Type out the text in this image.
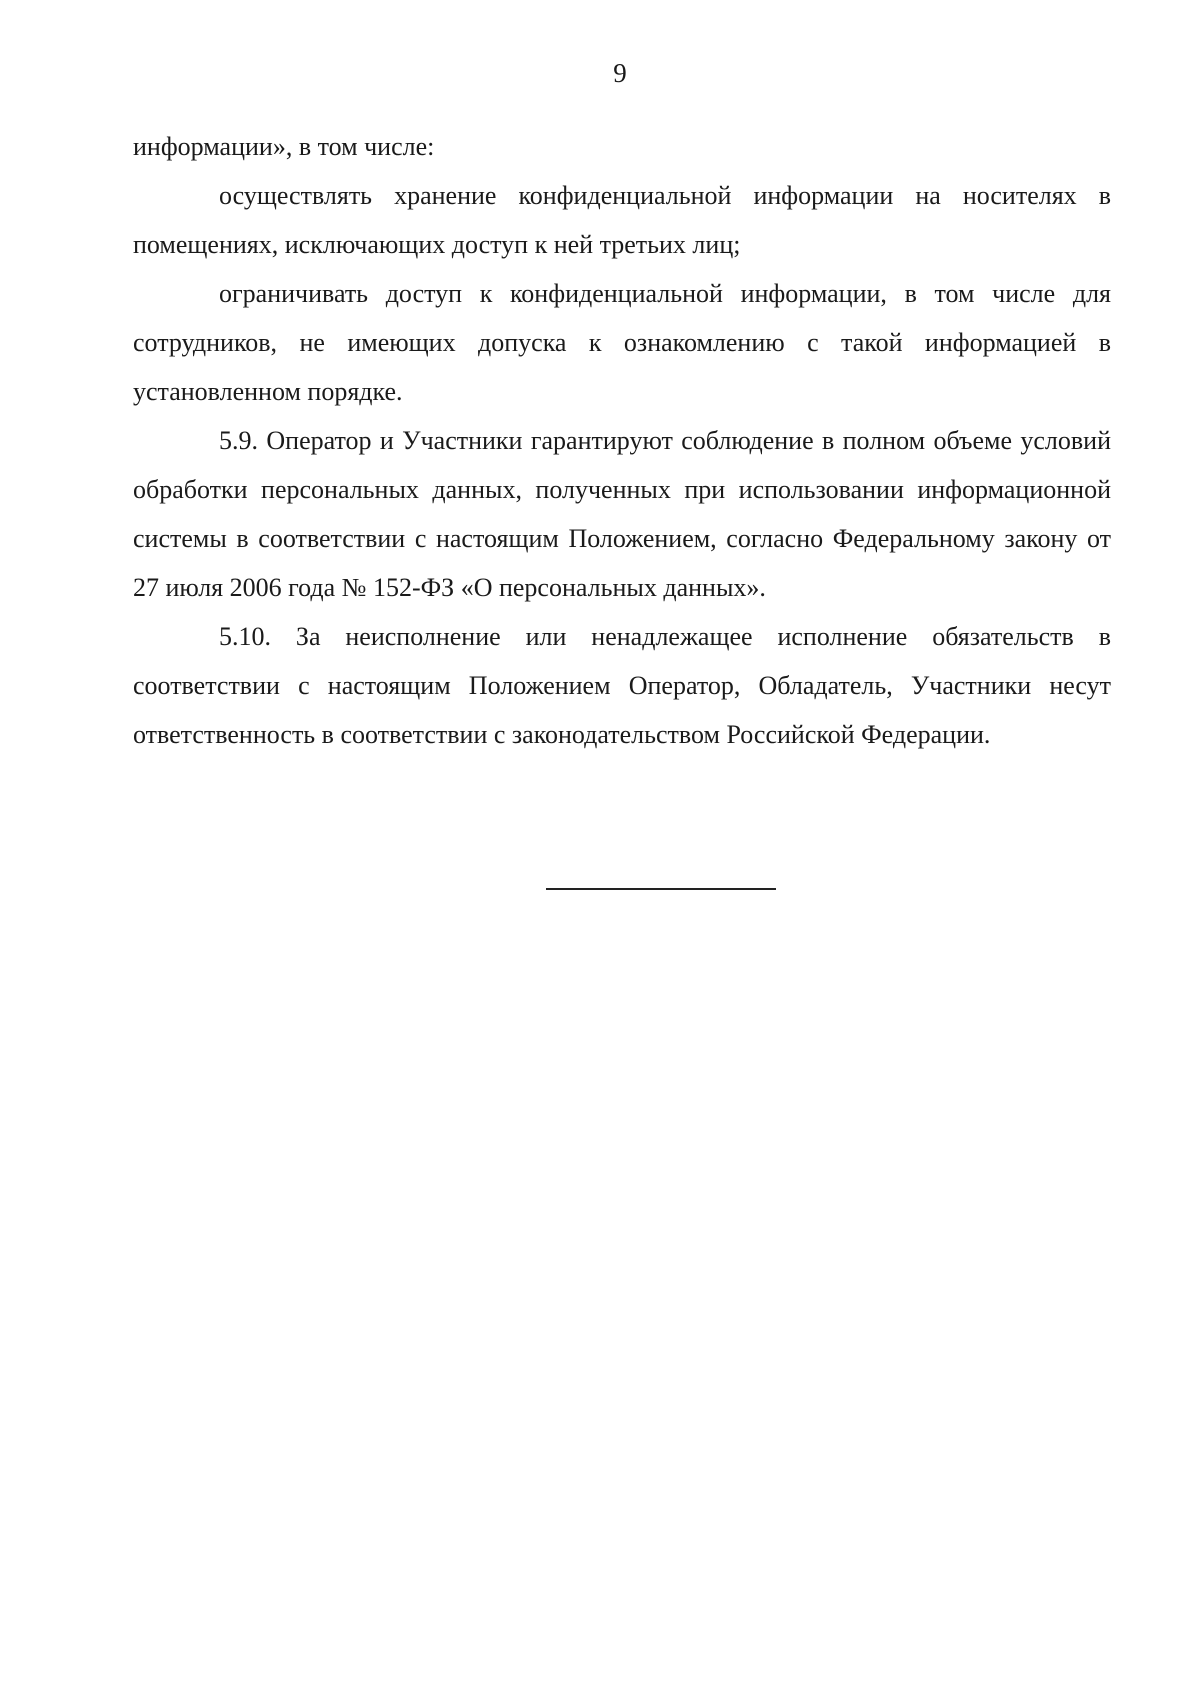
9

информации», в том числе:

осуществлять хранение конфиденциальной информации на носителях в помещениях, исключающих доступ к ней третьих лиц;

ограничивать доступ к конфиденциальной информации, в том числе для сотрудников, не имеющих допуска к ознакомлению с такой информацией в установленном порядке.

5.9. Оператор и Участники гарантируют соблюдение в полном объеме условий обработки персональных данных, полученных при использовании информационной системы в соответствии с настоящим Положением, согласно Федеральному закону от 27 июля 2006 года № 152-ФЗ «О персональных данных».

5.10. За неисполнение или ненадлежащее исполнение обязательств в соответствии с настоящим Положением Оператор, Обладатель, Участники несут ответственность в соответствии с законодательством Российской Федерации.
